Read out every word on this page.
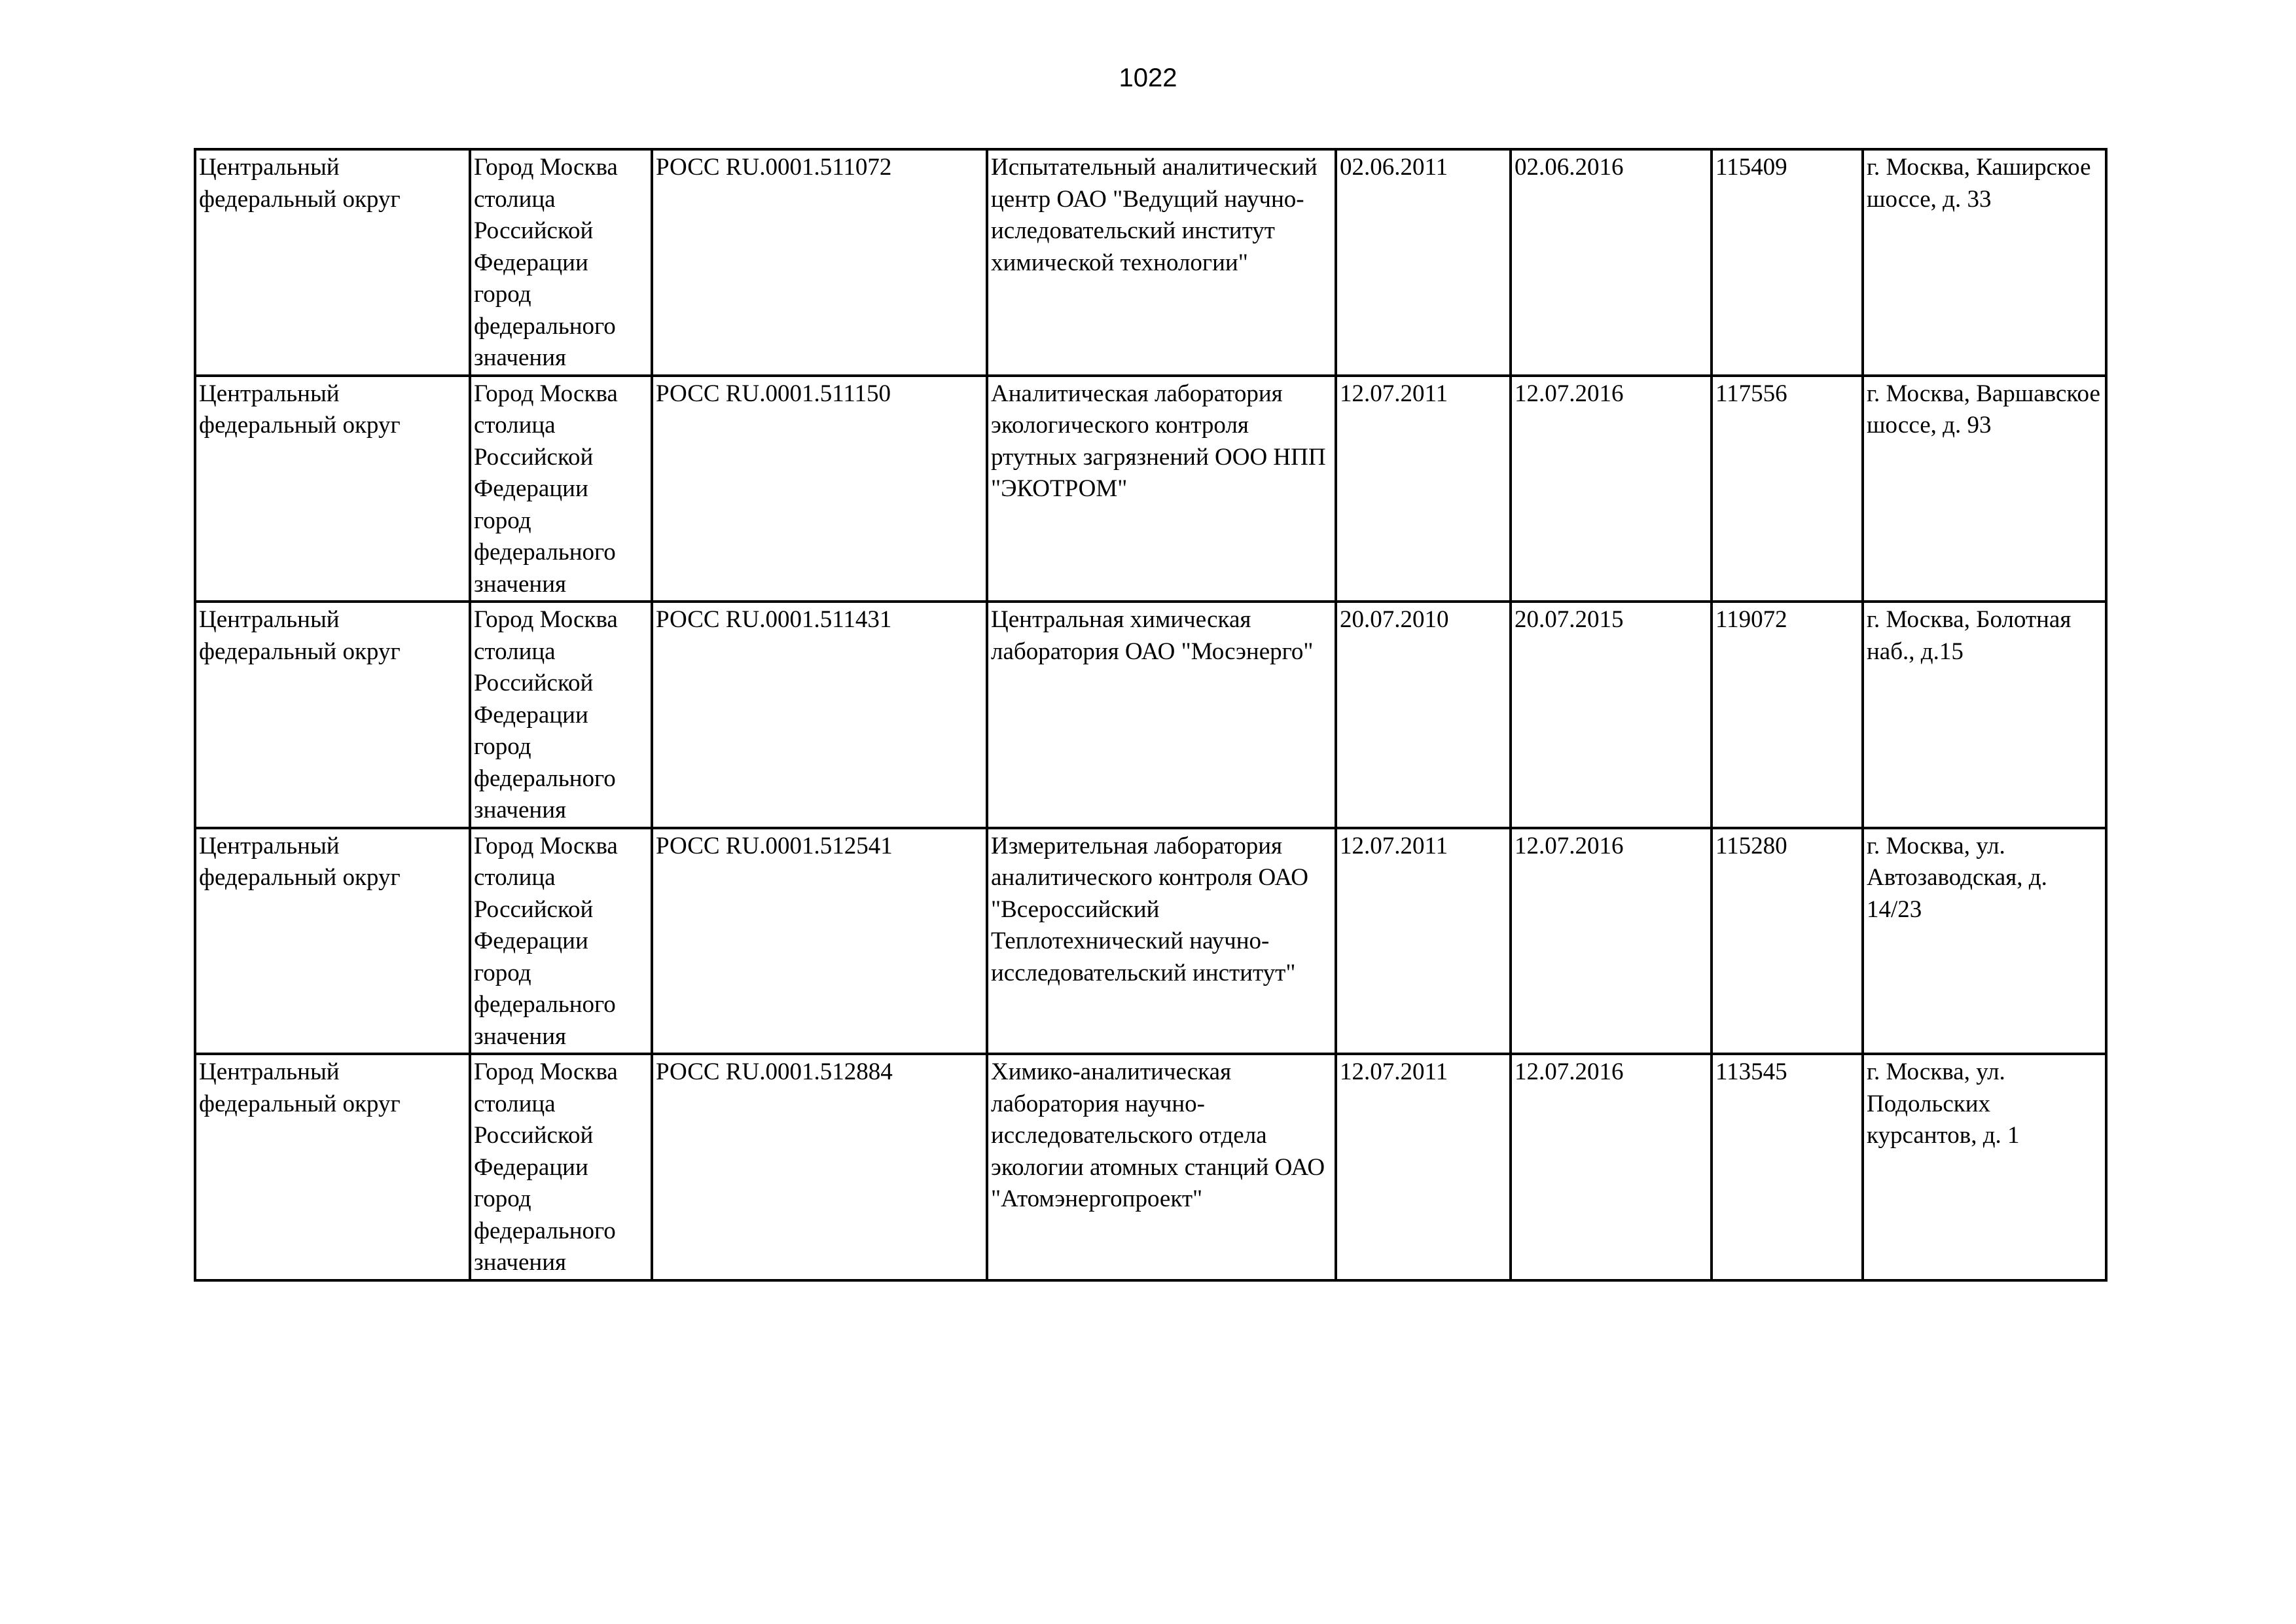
1022
Центральный федеральный округ	Город Москва столица Российской Федерации город федерального значения	РОСС RU.0001.511072	Испытательный аналитический центр ОАО "Ведущий научно-иследовательский институт химической технологии"	02.06.2011	02.06.2016	115409	г. Москва, Каширское шоссе, д. 33
Центральный федеральный округ	Город Москва столица Российской Федерации город федерального значения	РОСС RU.0001.511150	Аналитическая лаборатория экологического контроля ртутных загрязнений ООО НПП "ЭКОТРОМ"	12.07.2011	12.07.2016	117556	г. Москва, Варшавское шоссе, д. 93
Центральный федеральный округ	Город Москва столица Российской Федерации город федерального значения	РОСС RU.0001.511431	Центральная химическая лаборатория ОАО "Мосэнерго"	20.07.2010	20.07.2015	119072	г. Москва, Болотная наб., д.15
Центральный федеральный округ	Город Москва столица Российской Федерации город федерального значения	РОСС RU.0001.512541	Измерительная лаборатория аналитического контроля ОАО "Всероссийский Теплотехнический научно-исследовательский институт"	12.07.2011	12.07.2016	115280	г. Москва, ул. Автозаводская, д. 14/23
Центральный федеральный округ	Город Москва столица Российской Федерации город федерального значения	РОСС RU.0001.512884	Химико-аналитическая лаборатория научно-исследовательского отдела экологии атомных станций ОАО "Атомэнергопроект"	12.07.2011	12.07.2016	113545	г. Москва, ул. Подольских курсантов, д. 1
